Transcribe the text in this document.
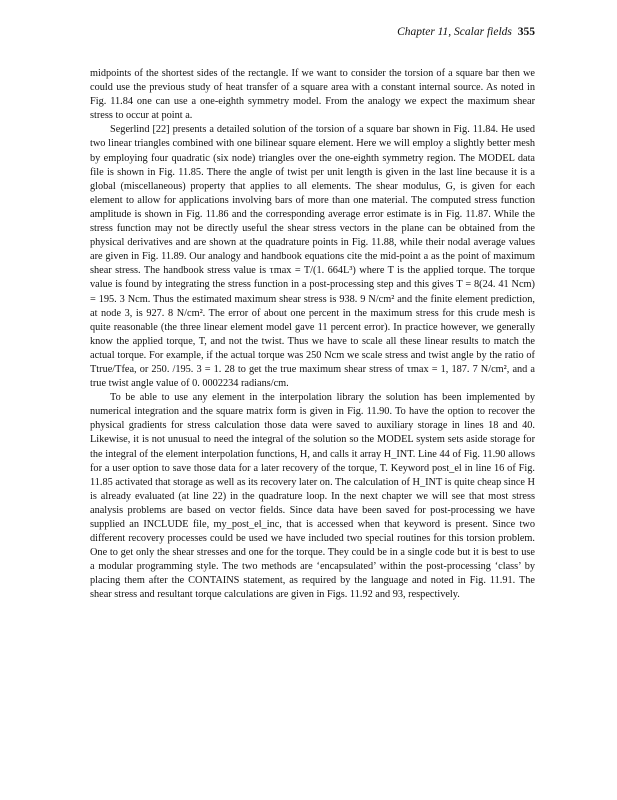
Chapter 11, Scalar fields 355

midpoints of the shortest sides of the rectangle. If we want to consider the torsion of a square bar then we could use the previous study of heat transfer of a square area with a constant internal source. As noted in Fig. 11.84 one can use a one-eighth symmetry model. From the analogy we expect the maximum shear stress to occur at point a.

Segerlind [22] presents a detailed solution of the torsion of a square bar shown in Fig. 11.84. He used two linear triangles combined with one bilinear square element. Here we will employ a slightly better mesh by employing four quadratic (six node) triangles over the one-eighth symmetry region. The MODEL data file is shown in Fig. 11.85. There the angle of twist per unit length is given in the last line because it is a global (miscellaneous) property that applies to all elements. The shear modulus, G, is given for each element to allow for applications involving bars of more than one material. The computed stress function amplitude is shown in Fig. 11.86 and the corresponding average error estimate is in Fig. 11.87. While the stress function may not be directly useful the shear stress vectors in the plane can be obtained from the physical derivatives and are shown at the quadrature points in Fig. 11.88, while their nodal average values are given in Fig. 11.89. Our analogy and handbook equations cite the mid-point a as the point of maximum shear stress. The handbook stress value is τmax = T/(1. 664L³) where T is the applied torque. The torque value is found by integrating the stress function in a post-processing step and this gives T = 8(24. 41 Ncm) = 195. 3 Ncm. Thus the estimated maximum shear stress is 938. 9 N/cm² and the finite element prediction, at node 3, is 927. 8 N/cm². The error of about one percent in the maximum stress for this crude mesh is quite reasonable (the three linear element model gave 11 percent error). In practice however, we generally know the applied torque, T, and not the twist. Thus we have to scale all these linear results to match the actual torque. For example, if the actual torque was 250 Ncm we scale stress and twist angle by the ratio of Ttrue/Tfea, or 250. /195. 3 = 1. 28 to get the true maximum shear stress of τmax = 1, 187. 7 N/cm², and a true twist angle value of 0. 0002234 radians/cm.

To be able to use any element in the interpolation library the solution has been implemented by numerical integration and the square matrix form is given in Fig. 11.90. To have the option to recover the physical gradients for stress calculation those data were saved to auxiliary storage in lines 18 and 40. Likewise, it is not unusual to need the integral of the solution so the MODEL system sets aside storage for the integral of the element interpolation functions, H, and calls it array H_INT. Line 44 of Fig. 11.90 allows for a user option to save those data for a later recovery of the torque, T. Keyword post_el in line 16 of Fig. 11.85 activated that storage as well as its recovery later on. The calculation of H_INT is quite cheap since H is already evaluated (at line 22) in the quadrature loop. In the next chapter we will see that most stress analysis problems are based on vector fields. Since data have been saved for post-processing we have supplied an INCLUDE file, my_post_el_inc, that is accessed when that keyword is present. Since two different recovery processes could be used we have included two special routines for this torsion problem. One to get only the shear stresses and one for the torque. They could be in a single code but it is best to use a modular programming style. The two methods are ‘encapsulated’ within the post-processing ‘class’ by placing them after the CONTAINS statement, as required by the language and noted in Fig. 11.91. The shear stress and resultant torque calculations are given in Figs. 11.92 and 93, respectively.
